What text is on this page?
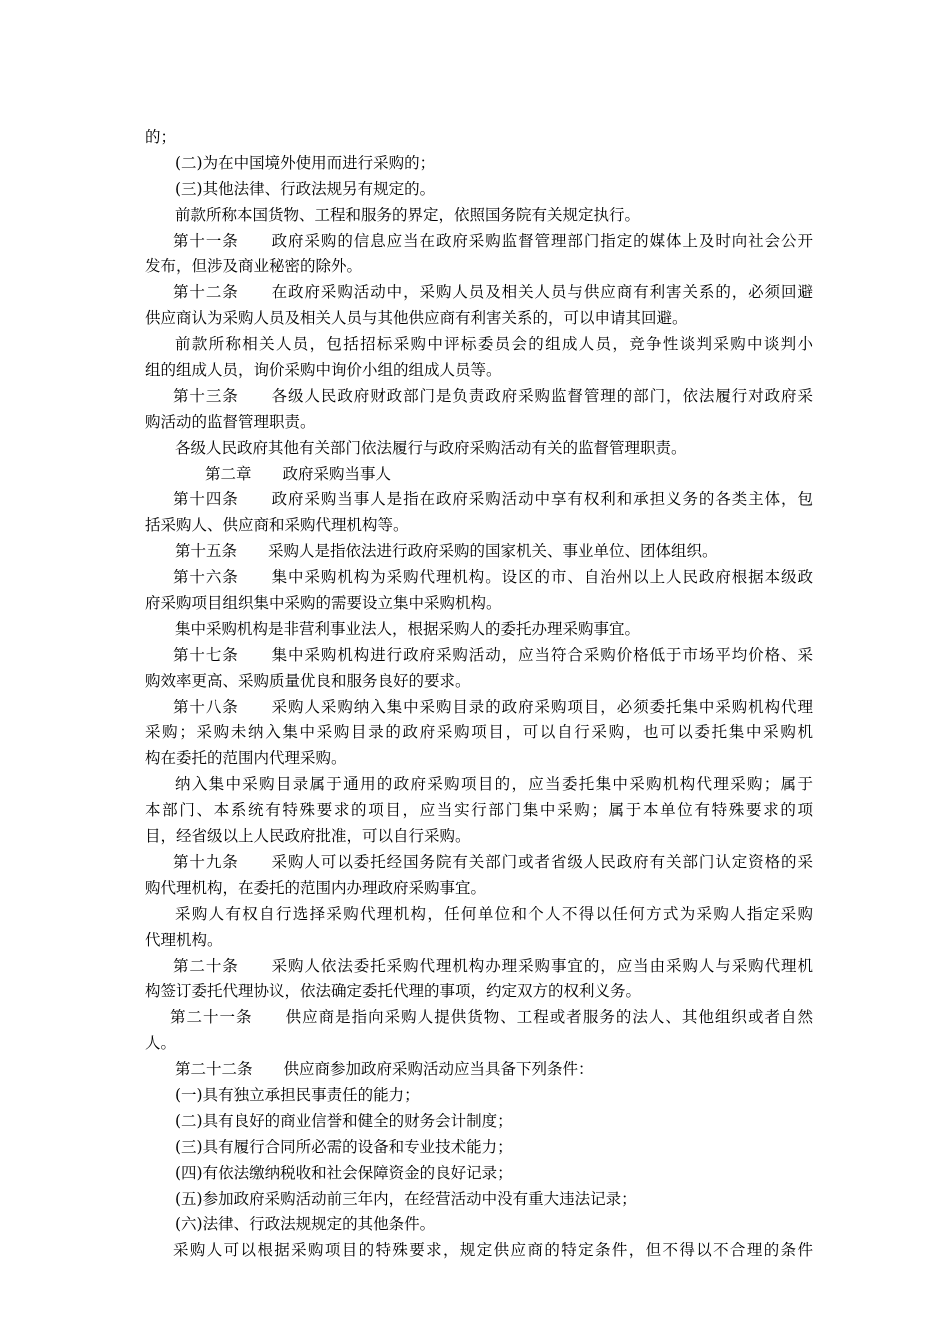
的；
(二)为在中国境外使用而进行采购的；
(三)其他法律、行政法规另有规定的。
前款所称本国货物、工程和服务的界定，依照国务院有关规定执行。
第十一条　　政府采购的信息应当在政府采购监督管理部门指定的媒体上及时向社会公开
发布，但涉及商业秘密的除外。
第十二条　　在政府采购活动中，采购人员及相关人员与供应商有利害关系的，必须回避
供应商认为采购人员及相关人员与其他供应商有利害关系的，可以申请其回避。
前款所称相关人员，包括招标采购中评标委员会的组成人员，竞争性谈判采购中谈判小
组的组成人员，询价采购中询价小组的组成人员等。
第十三条　　各级人民政府财政部门是负责政府采购监督管理的部门，依法履行对政府采
购活动的监督管理职责。
各级人民政府其他有关部门依法履行与政府采购活动有关的监督管理职责。
第二章　　政府采购当事人
第十四条　　政府采购当事人是指在政府采购活动中享有权利和承担义务的各类主体，包
括采购人、供应商和采购代理机构等。
第十五条　　采购人是指依法进行政府采购的国家机关、事业单位、团体组织。
第十六条　　集中采购机构为采购代理机构。设区的市、自治州以上人民政府根据本级政
府采购项目组织集中采购的需要设立集中采购机构。
集中采购机构是非营利事业法人，根据采购人的委托办理采购事宜。
第十七条　　集中采购机构进行政府采购活动，应当符合采购价格低于市场平均价格、采
购效率更高、采购质量优良和服务良好的要求。
第十八条　　采购人采购纳入集中采购目录的政府采购项目，必须委托集中采购机构代理
采购；采购未纳入集中采购目录的政府采购项目，可以自行采购，也可以委托集中采购机
构在委托的范围内代理采购。
纳入集中采购目录属于通用的政府采购项目的，应当委托集中采购机构代理采购；属于
本部门、本系统有特殊要求的项目，应当实行部门集中采购；属于本单位有特殊要求的项
目，经省级以上人民政府批准，可以自行采购。
第十九条　　采购人可以委托经国务院有关部门或者省级人民政府有关部门认定资格的采
购代理机构，在委托的范围内办理政府采购事宜。
采购人有权自行选择采购代理机构，任何单位和个人不得以任何方式为采购人指定采购
代理机构。
第二十条　　采购人依法委托采购代理机构办理采购事宜的，应当由采购人与采购代理机
构签订委托代理协议，依法确定委托代理的事项，约定双方的权利义务。
第二十一条　　供应商是指向采购人提供货物、工程或者服务的法人、其他组织或者自然
人。
第二十二条　　供应商参加政府采购活动应当具备下列条件：
(一)具有独立承担民事责任的能力；
(二)具有良好的商业信誉和健全的财务会计制度；
(三)具有履行合同所必需的设备和专业技术能力；
(四)有依法缴纳税收和社会保障资金的良好记录；
(五)参加政府采购活动前三年内，在经营活动中没有重大违法记录；
(六)法律、行政法规规定的其他条件。
采购人可以根据采购项目的特殊要求，规定供应商的特定条件，但不得以不合理的条件
